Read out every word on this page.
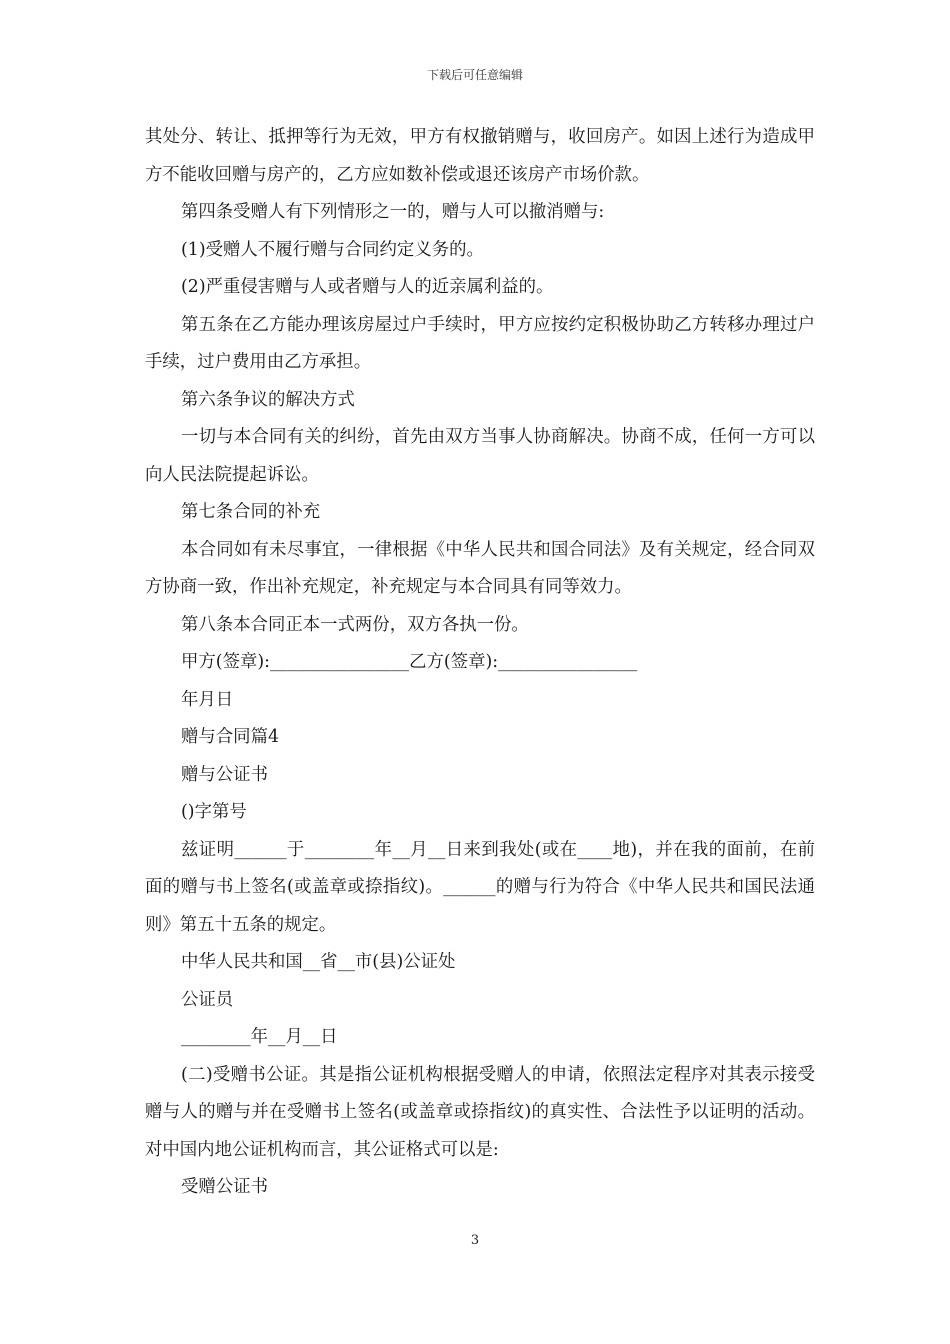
下载后可任意编辑

其处分、转让、抵押等行为无效，甲方有权撤销赠与，收回房产。如因上述行为造成甲方不能收回赠与房产的，乙方应如数补偿或退还该房产市场价款。

第四条受赠人有下列情形之一的，赠与人可以撤消赠与:

(1)受赠人不履行赠与合同约定义务的。

(2)严重侵害赠与人或者赠与人的近亲属利益的。

第五条在乙方能办理该房屋过户手续时，甲方应按约定积极协助乙方转移办理过户手续，过户费用由乙方承担。

第六条争议的解决方式

一切与本合同有关的纠纷，首先由双方当事人协商解决。协商不成，任何一方可以向人民法院提起诉讼。

第七条合同的补充

本合同如有未尽事宜，一律根据《中华人民共和国合同法》及有关规定，经合同双方协商一致，作出补充规定，补充规定与本合同具有同等效力。

第八条本合同正本一式两份，双方各执一份。

甲方(签章):________________乙方(签章):________________

年月日

赠与合同篇4

赠与公证书

()字第号

兹证明______于________年__月__日来到我处(或在____地)，并在我的面前，在前面的赠与书上签名(或盖章或捺指纹)。______的赠与行为符合《中华人民共和国民法通则》第五十五条的规定。

中华人民共和国__省__市(县)公证处

公证员

________年__月__日

(二)受赠书公证。其是指公证机构根据受赠人的申请，依照法定程序对其表示接受赠与人的赠与并在受赠书上签名(或盖章或捺指纹)的真实性、合法性予以证明的活动。对中国内地公证机构而言，其公证格式可以是:

受赠公证书

3
